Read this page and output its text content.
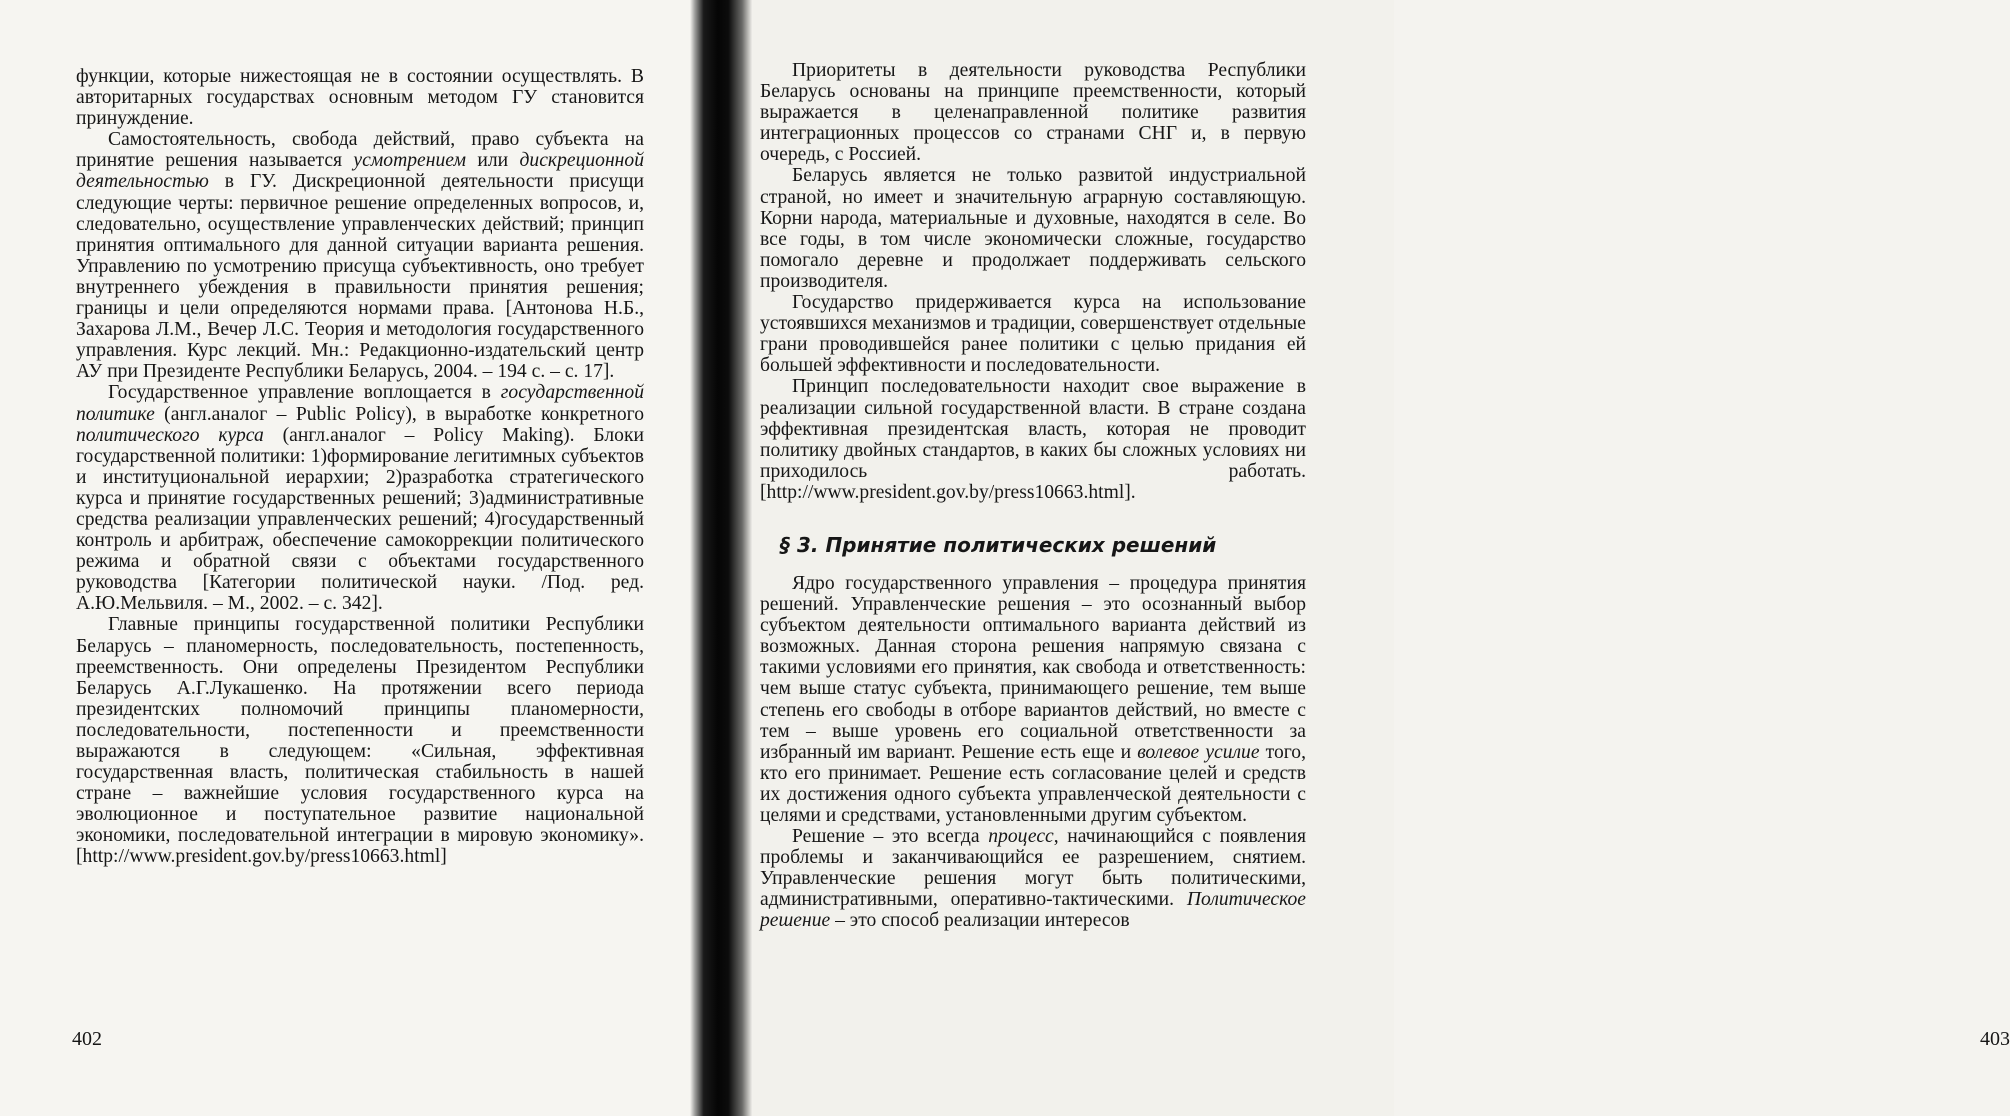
функции, которые нижестоящая не в состоянии осуществлять. В авторитарных государствах основным методом ГУ становится принуждение.

Самостоятельность, свобода действий, право субъекта на принятие решения называется усмотрением или дискреционной деятельностью в ГУ. Дискреционной деятельности присущи следующие черты: первичное решение определенных вопросов, и, следовательно, осуществление управленческих действий; принцип принятия оптимального для данной ситуации варианта решения. Управлению по усмотрению присуща субъективность, оно требует внутреннего убеждения в правильности принятия решения; границы и цели определяются нормами права. [Антонова Н.Б., Захарова Л.М., Вечер Л.С. Теория и методология государственного управления. Курс лекций. Мн.: Редакционно-издательский центр АУ при Президенте Республики Беларусь, 2004. – 194 с. – с. 17].

Государственное управление воплощается в государственной политике (англ.аналог – Public Policy), в выработке конкретного политического курса (англ.аналог – Policy Making). Блоки государственной политики: 1)формирование легитимных субъектов и институциональной иерархии; 2)разработка стратегического курса и принятие государственных решений; 3)административные средства реализации управленческих решений; 4)государственный контроль и арбитраж, обеспечение самокоррекции политического режима и обратной связи с объектами государственного руководства [Категории политической науки. /Под. ред. А.Ю.Мельвиля. – М., 2002. – с. 342].

Главные принципы государственной политики Республики Беларусь – планомерность, последовательность, постепенность, преемственность. Они определены Президентом Республики Беларусь А.Г.Лукашенко. На протяжении всего периода президентских полномочий принципы планомерности, последовательности, постепенности и преемственности выражаются в следующем: «Сильная, эффективная государственная власть, политическая стабильность в нашей стране – важнейшие условия государственного курса на эволюционное и поступательное развитие национальной экономики, последовательной интеграции в мировую экономику». [http://www.president.gov.by/press10663.html]

402	403

Приоритеты в деятельности руководства Республики Беларусь основаны на принципе преемственности, который выражается в целенаправленной политике развития интеграционных процессов со странами СНГ и, в первую очередь, с Россией.

Беларусь является не только развитой индустриальной страной, но имеет и значительную аграрную составляющую. Корни народа, материальные и духовные, находятся в селе. Во все годы, в том числе экономически сложные, государство помогало деревне и продолжает поддерживать сельского производителя.

Государство придерживается курса на использование устоявшихся механизмов и традиции, совершенствует отдельные грани проводившейся ранее политики с целью придания ей большей эффективности и последовательности.

Принцип последовательности находит свое выражение в реализации сильной государственной власти. В стране создана эффективная президентская власть, которая не проводит политику двойных стандартов, в каких бы сложных условиях ни приходилось работать. [http://www.president.gov.by/press10663.html].

§ 3. Принятие политических решений

Ядро государственного управления – процедура принятия решений. Управленческие решения – это осознанный выбор субъектом деятельности оптимального варианта действий из возможных. Данная сторона решения напрямую связана с такими условиями его принятия, как свобода и ответственность: чем выше статус субъекта, принимающего решение, тем выше степень его свободы в отборе вариантов действий, но вместе с тем – выше уровень его социальной ответственности за избранный им вариант. Решение есть еще и волевое усилие того, кто его принимает. Решение есть согласование целей и средств их достижения одного субъекта управленческой деятельности с целями и средствами, установленными другим субъектом.

Решение – это всегда процесс, начинающийся с появления проблемы и заканчивающийся ее разрешением, снятием. Управленческие решения могут быть политическими, административными, оперативно-тактическими. Политическое решение – это способ реализации интересов
